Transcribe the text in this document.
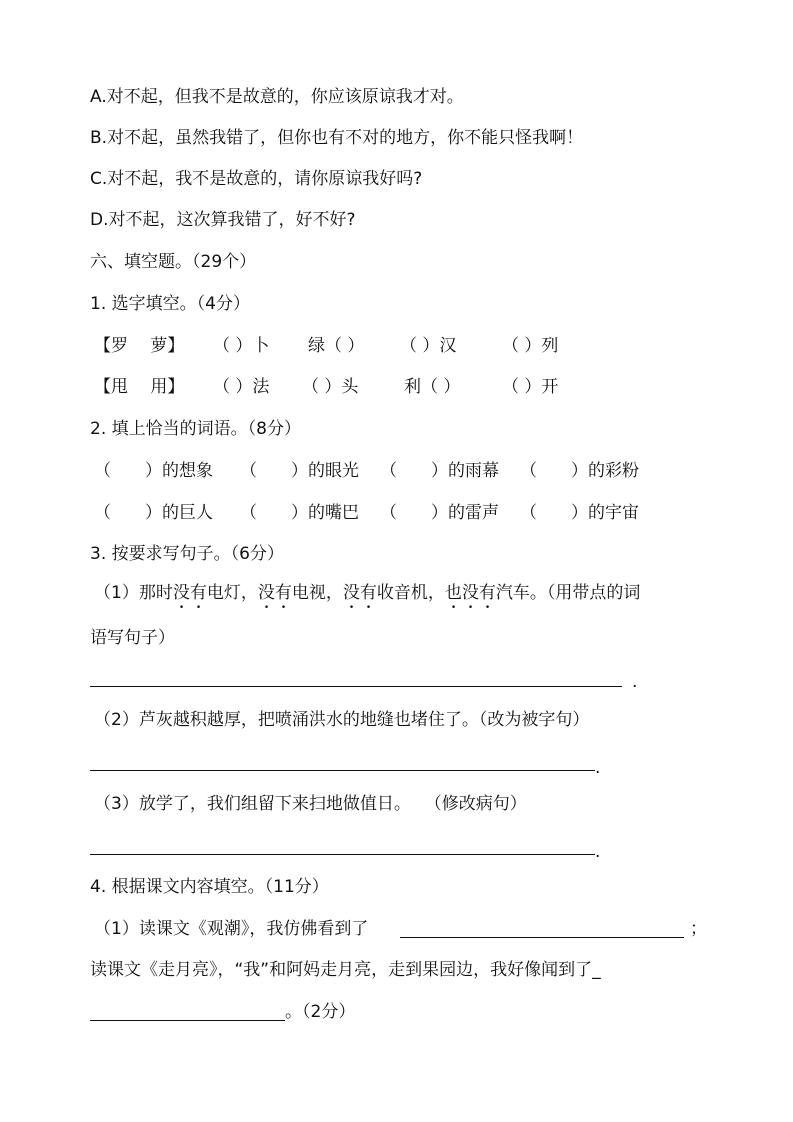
A.对不起，但我不是故意的，你应该原谅我才对。
B.对不起，虽然我错了，但你也有不对的地方，你不能只怪我啊！
C.对不起，我不是故意的，请你原谅我好吗?
D.对不起，这次算我错了，好不好?
六、填空题。（29个）
1. 选字填空。（4分）
【罗　 萝】 （ ）卜 绿（ ） （ ）汉	（ ）列
【甩　 用】 （ ）法 （ ）头	利（ ） （ ）开
2. 填上恰当的词语。（8分）
（　　）的想象 （　　）的眼光 （　　）的雨幕 （　　）的彩粉
（　　）的巨人 （　　）的嘴巴 （　　）的雷声 （　　）的宇宙
3. 按要求写句子。（6分）
（1）那时没有电灯，没有电视，没有收音机，也没有汽车。（用带点的词
语写句子）
.
（2）芦灰越积越厚，把喷涌洪水的地缝也堵住了。（改为被字句）
.
（3）放学了，我们组留下来扫地做值日。　 （修改病句）
.
4. 根据课文内容填空。（11分）
（1）读课文《观潮》，我仿佛看到了	；
读课文《走月亮》，“我”和阿妈走月亮，走到果园边，我好像闻到了_
。（2分）
